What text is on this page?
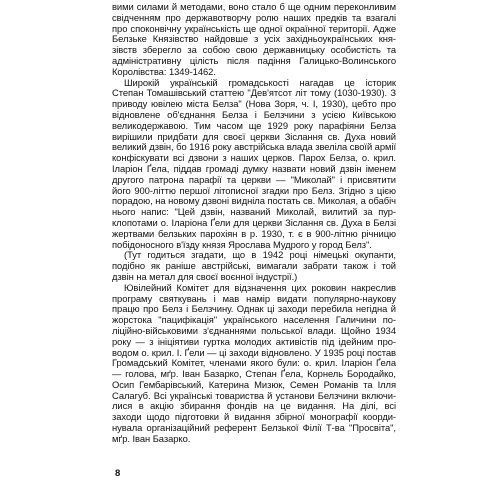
вими силами й методами, воно стало б ще одним переконливим
свідченням про державотворчу ролю наших предків та взагалі
про споконвічну українськість ще одної окраїнної території. Адже
Белзьке Князівство найдовше з усіх західньоукраїнських кня-
зівств зберегло за собою свою державницьку особистість та
адміністративну цілість після падіння Галицько-Волинського
Королівства: 1349-1462.
Широкій українській громадськості нагадав це історик
Степан Томашівський статтею "Дев'ятсот літ тому (1030-1930). З
приводу ювілею міста Белза" (Нова Зоря, ч. І, 1930), цебто про
відновлене об'єднання Белза і Белзчини з усією Київською
великодержавою. Тим часом ще 1929 року парафіяни Белза
вирішили придбати для своєї церкви Зіслання св. Духа новий
великий дзвін, бо 1916 року австрійська влада звеліла своїй армії
конфіскувати всі дзвони з наших церков. Парох Белза, о. крил.
Іларіон Ґела, піддав громаді думку назвати новий дзвін іменем
другого патрона парафії та церкви — "Миколай" і присвятити
його 900-літтю першої літописної згадки про Белз. Згідно з цією
порадою, на новому дзвоні виднілa постать св. Миколая, а обабіч
нього напис: "Цей дзвін, названий Миколай, вилитий за пур-
клопотами о. Іларіона Ґели для церкви Зіслання св. Духа в Белзі
жертвами белзьких парохіян в р. 1930, т. є в 900-літню річницю
побідоносного в'їзду князя Ярослава Мудрого у город Белз".
(Тут годиться згадати, що в 1942 році німецькі окупанти,
подібно як раніше австрійські, вимагали забрати також і той
дзвін на метал для своєї воєнної індустрії.)
Ювілейний Комітет для відзначення цих роковин накреслив
програму святкувань і мав намір видати популярно-наукову
працю про Белз і Белзчину. Однак ці заходи перебила негідна й
жорстока "пацифікація" українського населення Галичини по-
ліційно-військовими з'єднаннями польської влади. Щойно 1934
року — з ініціятиви гуртка молодих активістів під ідейним про-
водом о. крил. І. Ґели — ці заходи відновлено. У 1935 році постав
Громадський Комітет, членами якого були: о. крил. Іларіон Ґела
— голова, мґр. Іван Базарко, Степан Ґела, Корнель Бородайко,
Осип Гембарівський, Катерина Мизюк, Семен Романів та Ілля
Салагуб. Всі українські товариства й установи Белзчини включи-
лися в акцію збирання фондів на це видання. На ділі, всі
заходи щодо підготовки й видання збірної монографії коорди-
нувала організаційний референт Белзької Філії Т-ва "Просвіта",
мґр. Іван Базарко.
8
